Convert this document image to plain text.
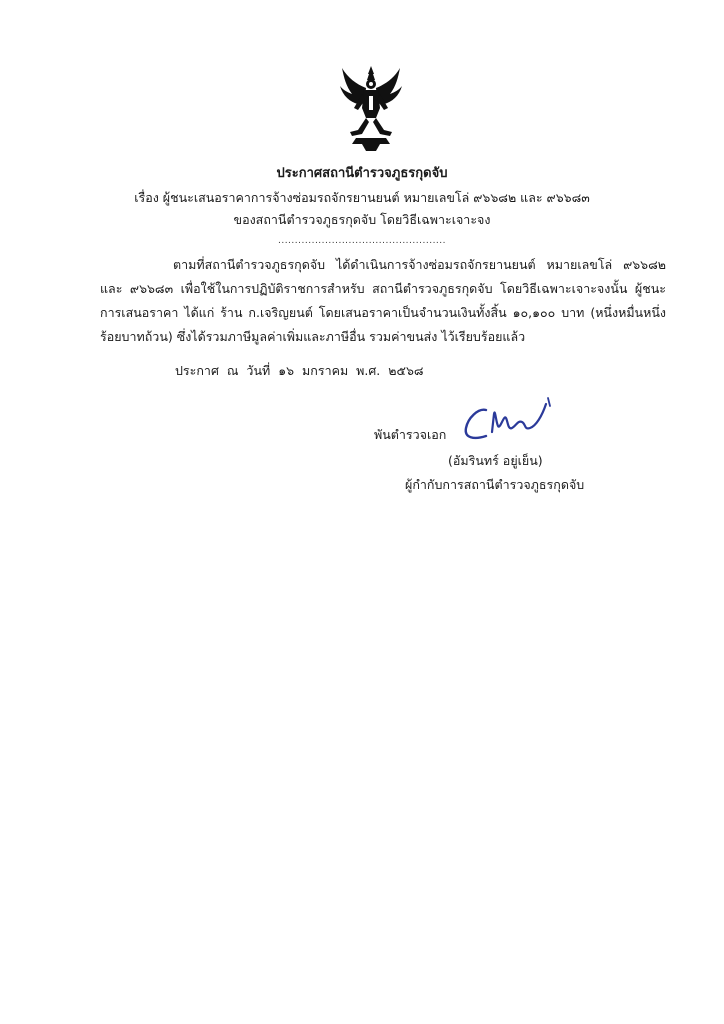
ประกาศสถานีตำรวจภูธรกุดจับ
เรื่อง ผู้ชนะเสนอราคาการจ้างซ่อมรถจักรยานยนต์ หมายเลขโล่ ๙๖๖๘๒ และ ๙๖๖๘๓
ของสถานีตำรวจภูธรกุดจับ โดยวิธีเฉพาะเจาะจง
..................................................
ตามที่สถานีตำรวจภูธรกุดจับ ได้ดำเนินการจ้างซ่อมรถจักรยานยนต์ หมายเลขโล่ ๙๖๖๘๒ และ ๙๖๖๘๓ เพื่อใช้ในการปฏิบัติราชการสำหรับ สถานีตำรวจภูธรกุดจับ โดยวิธีเฉพาะเจาะจงนั้น ผู้ชนะการเสนอราคา ได้แก่ ร้าน ก.เจริญยนต์ โดยเสนอราคาเป็นจำนวนเงินทั้งสิ้น ๑๐,๑๐๐ บาท (หนึ่งหมื่นหนึ่งร้อยบาทถ้วน) ซึ่งได้รวมภาษีมูลค่าเพิ่มและภาษีอื่น รวมค่าขนส่ง ไว้เรียบร้อยแล้ว
ประกาศ ณ วันที่ ๑๖ มกราคม พ.ศ. ๒๕๖๘
พันตำรวจเอก
(อัมรินทร์ อยู่เย็น)
ผู้กำกับการสถานีตำรวจภูธรกุดจับ
